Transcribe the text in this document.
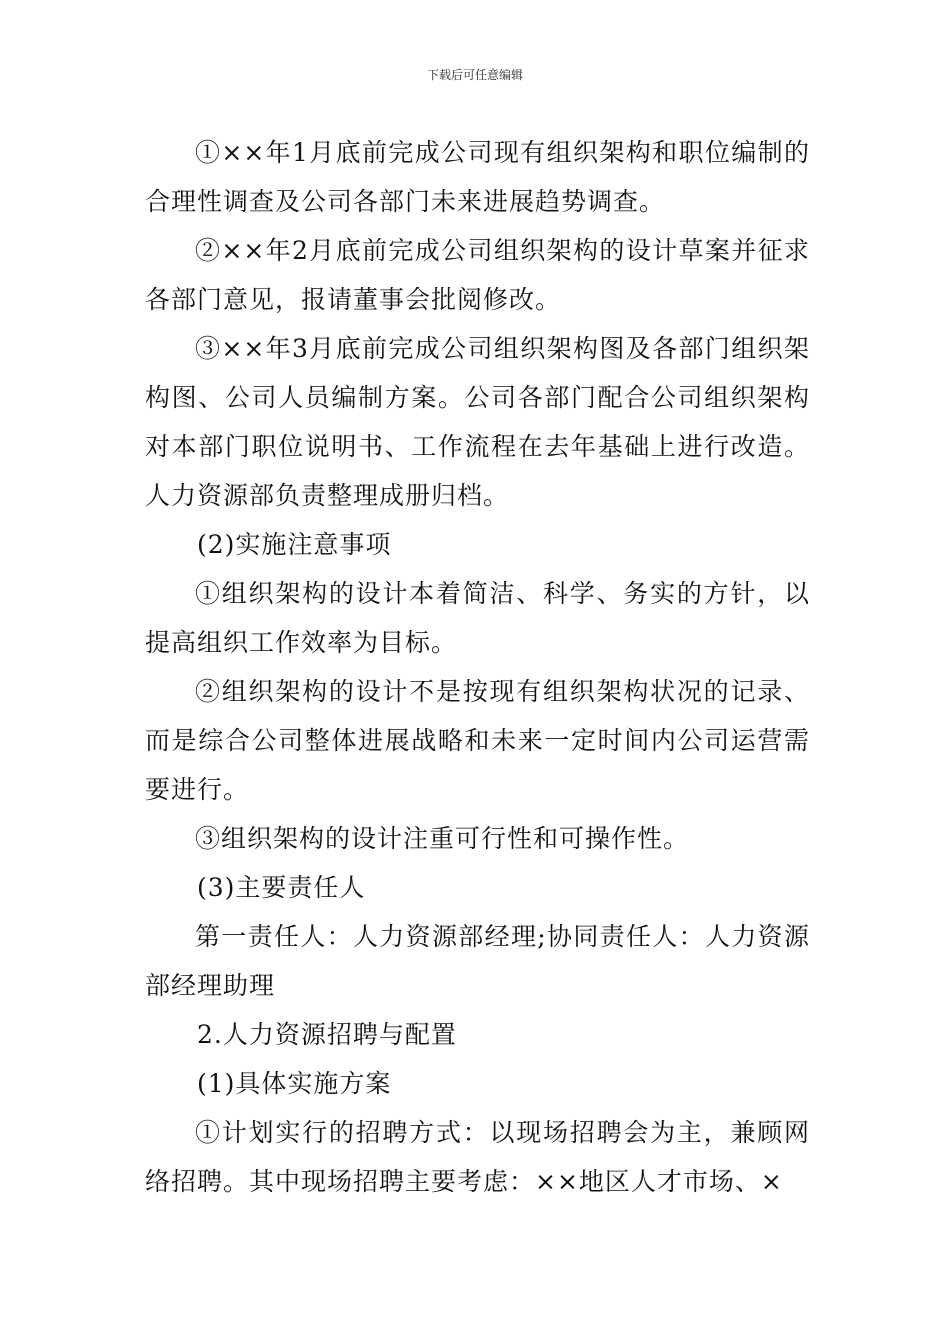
下载后可任意编辑

①××年1月底前完成公司现有组织架构和职位编制的合理性调查及公司各部门未来进展趋势调查。

②××年2月底前完成公司组织架构的设计草案并征求各部门意见，报请董事会批阅修改。

③××年3月底前完成公司组织架构图及各部门组织架构图、公司人员编制方案。公司各部门配合公司组织架构对本部门职位说明书、工作流程在去年基础上进行改造。人力资源部负责整理成册归档。

(2)实施注意事项

①组织架构的设计本着简洁、科学、务实的方针，以提高组织工作效率为目标。

②组织架构的设计不是按现有组织架构状况的记录、而是综合公司整体进展战略和未来一定时间内公司运营需要进行。

③组织架构的设计注重可行性和可操作性。

(3)主要责任人

第一责任人：人力资源部经理;协同责任人：人力资源部经理助理

2.人力资源招聘与配置

(1)具体实施方案

①计划实行的招聘方式：以现场招聘会为主，兼顾网络招聘。其中现场招聘主要考虑：××地区人才市场、×
